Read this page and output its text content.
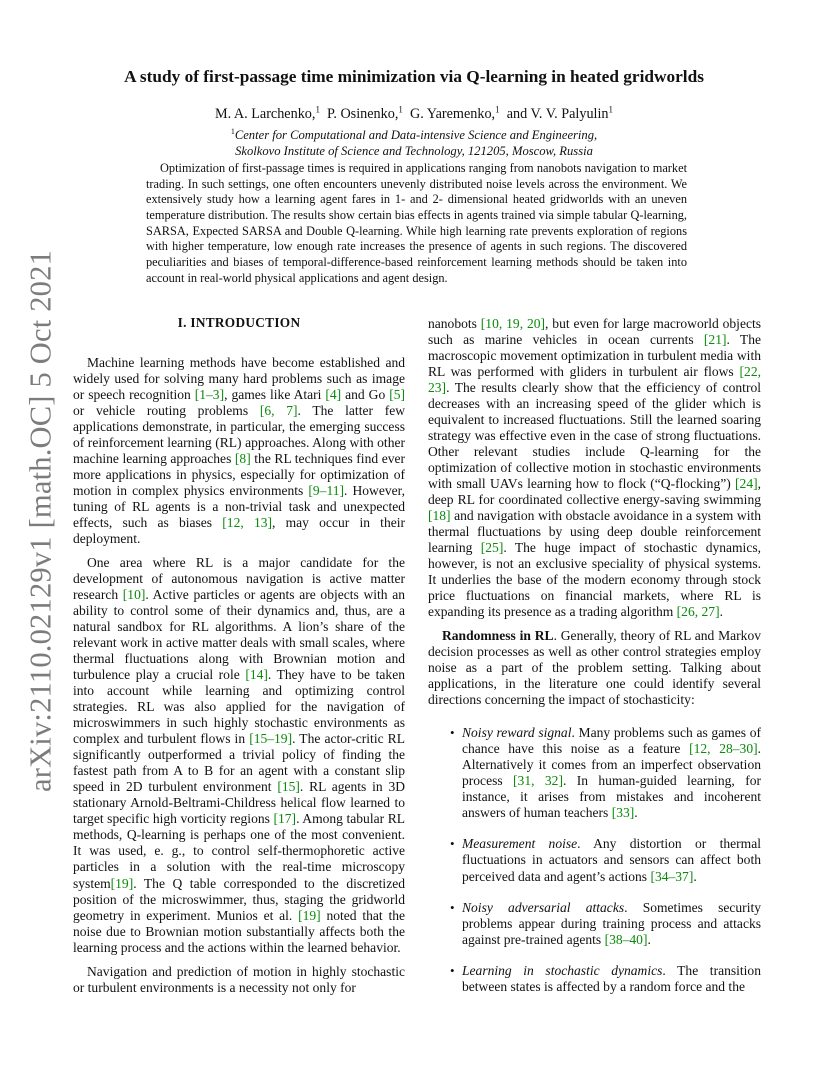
arXiv:2110.02129v1 [math.OC] 5 Oct 2021
A study of first-passage time minimization via Q-learning in heated gridworlds
M. A. Larchenko,$^1$ P. Osinenko,$^1$ G. Yaremenko,$^1$ and V. V. Palyulin$^1$
$^1$Center for Computational and Data-intensive Science and Engineering,
Skolkovo Institute of Science and Technology, 121205, Moscow, Russia

Optimization of first-passage times is required in applications ranging from nanobots navigation to market trading. In such settings, one often encounters unevenly distributed noise levels across the environment. We extensively study how a learning agent fares in 1- and 2- dimensional heated gridworlds with an uneven temperature distribution. The results show certain bias effects in agents trained via simple tabular Q-learning, SARSA, Expected SARSA and Double Q-learning. While high learning rate prevents exploration of regions with higher temperature, low enough rate increases the presence of agents in such regions. The discovered peculiarities and biases of temporal-difference-based reinforcement learning methods should be taken into account in real-world physical applications and agent design.

I. INTRODUCTION

Machine learning methods have become established and widely used for solving many hard problems such as image or speech recognition [1–3], games like Atari [4] and Go [5] or vehicle routing problems [6, 7]. The latter few applications demonstrate, in particular, the emerging success of reinforcement learning (RL) approaches. Along with other machine learning approaches [8] the RL techniques find ever more applications in physics, especially for optimization of motion in complex physics environments [9–11]. However, tuning of RL agents is a non-trivial task and unexpected effects, such as biases [12, 13], may occur in their deployment.

One area where RL is a major candidate for the development of autonomous navigation is active matter research [10]. Active particles or agents are objects with an ability to control some of their dynamics and, thus, are a natural sandbox for RL algorithms. A lion’s share of the relevant work in active matter deals with small scales, where thermal fluctuations along with Brownian motion and turbulence play a crucial role [14]. They have to be taken into account while learning and optimizing control strategies. RL was also applied for the navigation of microswimmers in such highly stochastic environments as complex and turbulent flows in [15–19]. The actor-critic RL significantly outperformed a trivial policy of finding the fastest path from A to B for an agent with a constant slip speed in 2D turbulent environment [15]. RL agents in 3D stationary Arnold-Beltrami-Childress helical flow learned to target specific high vorticity regions [17]. Among tabular RL methods, Q-learning is perhaps one of the most convenient. It was used, e. g., to control self-thermophoretic active particles in a solution with the real-time microscopy system[19]. The Q table corresponded to the discretized position of the microswimmer, thus, staging the gridworld geometry in experiment. Munios et al. [19] noted that the noise due to Brownian motion substantially affects both the learning process and the actions within the learned behavior.

Navigation and prediction of motion in highly stochastic or turbulent environments is a necessity not only for

nanobots [10, 19, 20], but even for large macroworld objects such as marine vehicles in ocean currents [21]. The macroscopic movement optimization in turbulent media with RL was performed with gliders in turbulent air flows [22, 23]. The results clearly show that the efficiency of control decreases with an increasing speed of the glider which is equivalent to increased fluctuations. Still the learned soaring strategy was effective even in the case of strong fluctuations. Other relevant studies include Q-learning for the optimization of collective motion in stochastic environments with small UAVs learning how to flock (“Q-flocking”) [24], deep RL for coordinated collective energy-saving swimming [18] and navigation with obstacle avoidance in a system with thermal fluctuations by using deep double reinforcement learning [25]. The huge impact of stochastic dynamics, however, is not an exclusive speciality of physical systems. It underlies the base of the modern economy through stock price fluctuations on financial markets, where RL is expanding its presence as a trading algorithm [26, 27].

Randomness in RL. Generally, theory of RL and Markov decision processes as well as other control strategies employ noise as a part of the problem setting. Talking about applications, in the literature one could identify several directions concerning the impact of stochasticity:

• Noisy reward signal. Many problems such as games of chance have this noise as a feature [12, 28–30]. Alternatively it comes from an imperfect observation process [31, 32]. In human-guided learning, for instance, it arises from mistakes and incoherent answers of human teachers [33].
• Measurement noise. Any distortion or thermal fluctuations in actuators and sensors can affect both perceived data and agent’s actions [34–37].
• Noisy adversarial attacks. Sometimes security problems appear during training process and attacks against pre-trained agents [38–40].
• Learning in stochastic dynamics. The transition between states is affected by a random force and the
